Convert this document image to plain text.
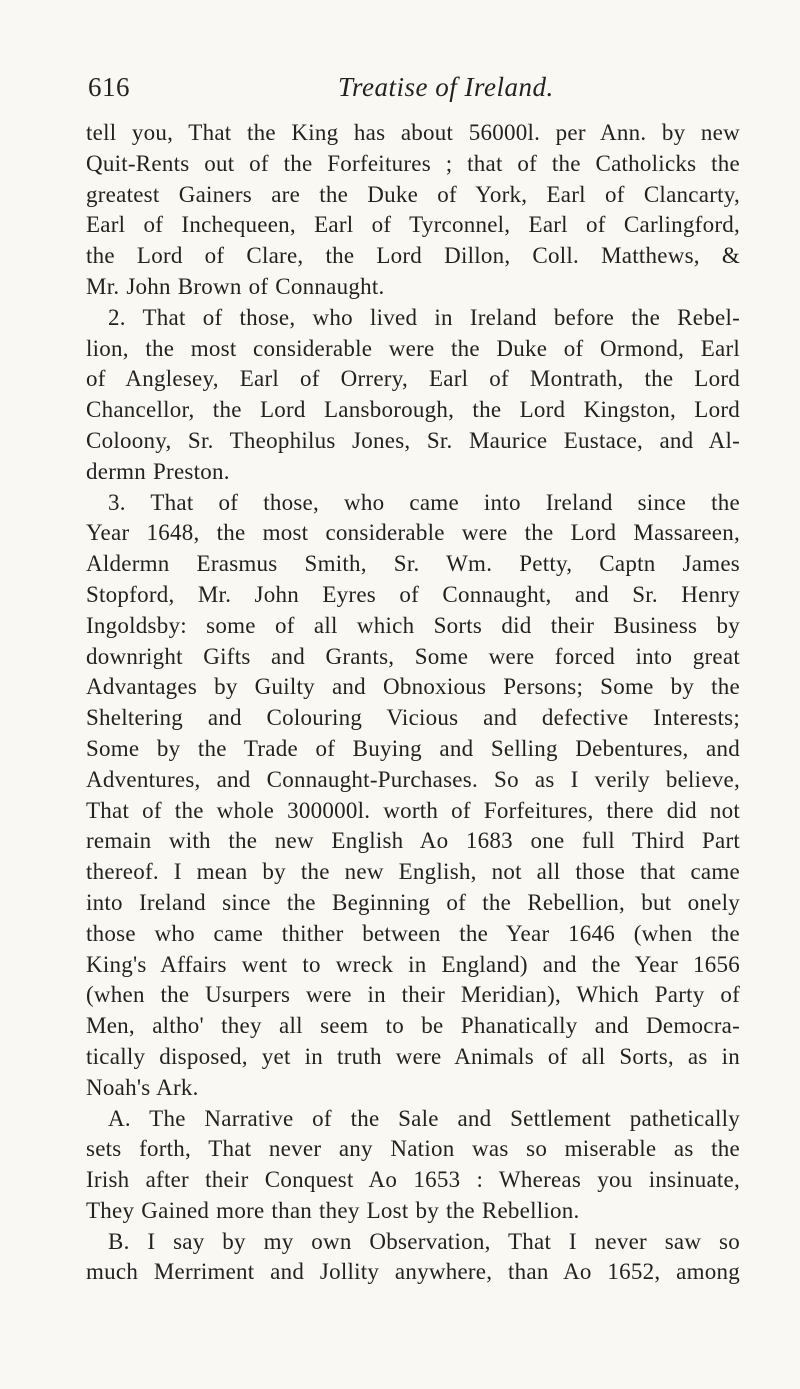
616	Treatise of Ireland.
tell you, That the King has about 56000l. per Ann. by new
Quit-Rents out of the Forfeitures ; that of the Catholicks the
greatest Gainers are the Duke of York, Earl of Clancarty,
Earl of Inchequeen, Earl of Tyrconnel, Earl of Carlingford,
the Lord of Clare, the Lord Dillon, Coll. Matthews, &
Mr. John Brown of Connaught.
2. That of those, who lived in Ireland before the Rebel-
lion, the most considerable were the Duke of Ormond, Earl
of Anglesey, Earl of Orrery, Earl of Montrath, the Lord
Chancellor, the Lord Lansborough, the Lord Kingston, Lord
Coloony, Sr. Theophilus Jones, Sr. Maurice Eustace, and Al-
dermn Preston.
3. That of those, who came into Ireland since the
Year 1648, the most considerable were the Lord Massareen,
Aldermn Erasmus Smith, Sr. Wm. Petty, Captn James
Stopford, Mr. John Eyres of Connaught, and Sr. Henry
Ingoldsby: some of all which Sorts did their Business by
downright Gifts and Grants, Some were forced into great
Advantages by Guilty and Obnoxious Persons; Some by the
Sheltering and Colouring Vicious and defective Interests;
Some by the Trade of Buying and Selling Debentures, and
Adventures, and Connaught-Purchases. So as I verily believe,
That of the whole 300000l. worth of Forfeitures, there did not
remain with the new English Ao 1683 one full Third Part
thereof. I mean by the new English, not all those that came
into Ireland since the Beginning of the Rebellion, but onely
those who came thither between the Year 1646 (when the
King's Affairs went to wreck in England) and the Year 1656
(when the Usurpers were in their Meridian), Which Party of
Men, altho' they all seem to be Phanatically and Democra-
tically disposed, yet in truth were Animals of all Sorts, as in
Noah's Ark.
A. The Narrative of the Sale and Settlement pathetically
sets forth, That never any Nation was so miserable as the
Irish after their Conquest Ao 1653 : Whereas you insinuate,
They Gained more than they Lost by the Rebellion.
B. I say by my own Observation, That I never saw so
much Merriment and Jollity anywhere, than Ao 1652, among
